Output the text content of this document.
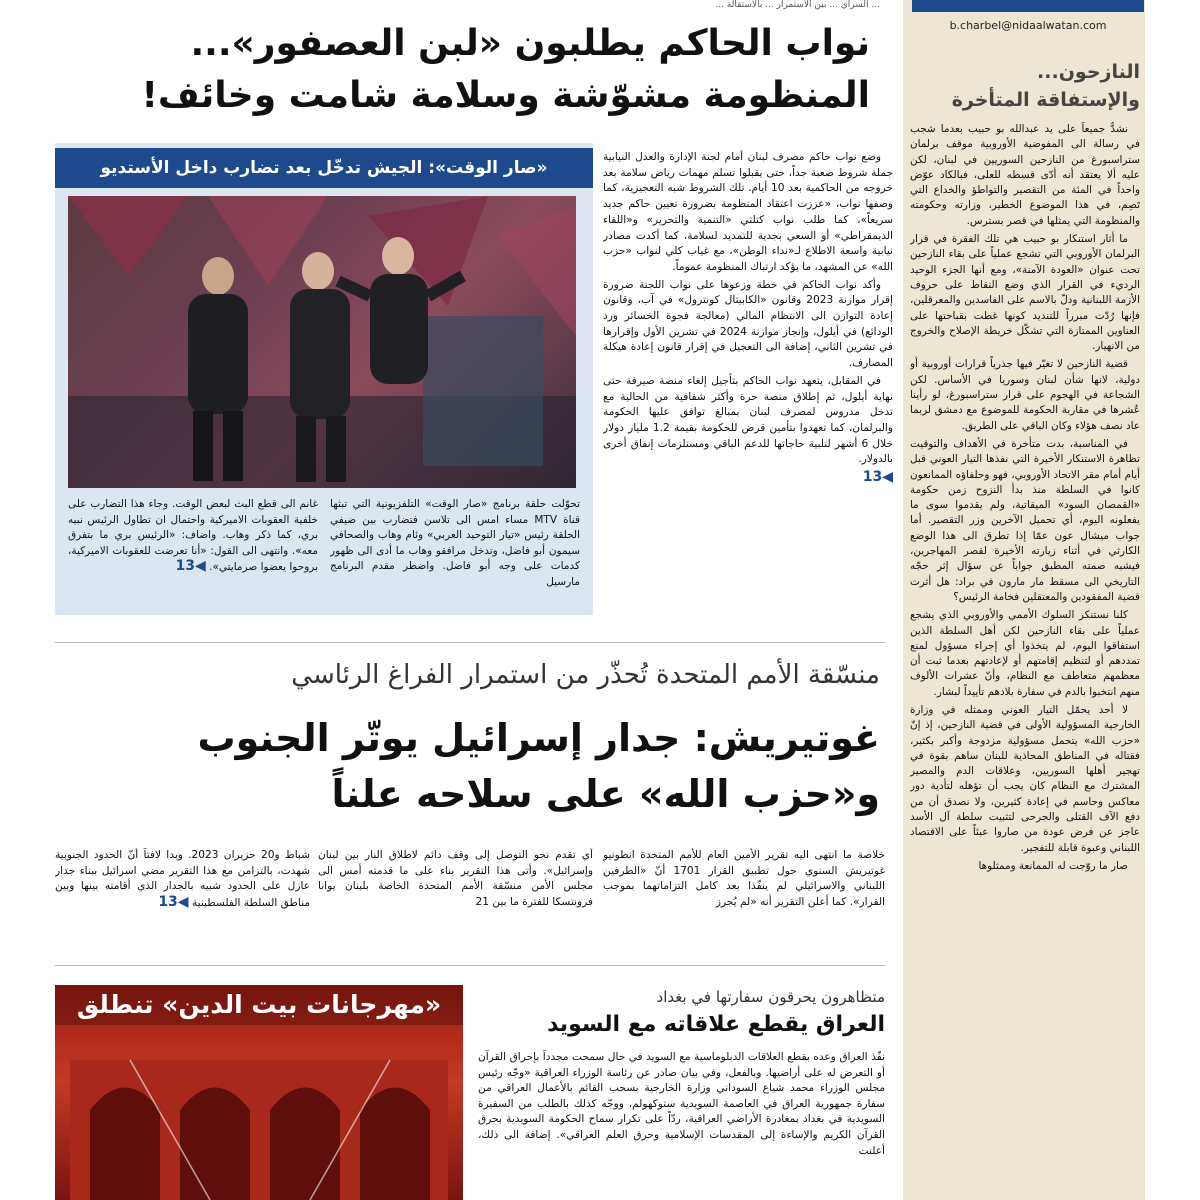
b.charbel@nidaalwatan.com
النازحون...
والإستفاقة المتأخرة

نشدُّ جميعاً على يد عبدالله بو حبيب بعدما شجب في رسالة الى المفوضية الأوروبية موقف برلمان ستراسبورغ من النازحين السوريين في لبنان، لكن عليه ألا يعتقد أنه أدّى قسطه للعلى، فبالكاد عوّض واحداً في المئة من التقصير والتواطؤ والخداع التي تَصِم، في هذا الموضوع الخطير، وزارته وحكومته والمنظومة التي يمثلها في قصر بسترس.

ما أثار استنكار بو حبيب هي تلك الفقرة في قرار البرلمان الأوروبي التي تشجع عملياً على بقاء النازحين تحت عنوان «العودة الآمنة»، ومع أنها الجزء الوحيد الرديء في القرار الذي وضع النقاط على حروف الأزمة اللبنانية ودلّ بالاسم على الفاسدين والمعرقلين، فإنها رُدّت مبرراً للتنديد كونها غطت بقباحتها على العناوين الممتازة التي تشكّل خريطة الإصلاح والخروج من الانهيار.

قضية النازحين لا تغيّر فيها جذرياً قرارات أوروبية أو دولية، لانها شأن لبنان وسوريا في الأساس. لكن الشجاعة في الهجوم على قرار ستراسبورغ، لو رأينا عُشرها في مقاربة الحكومة للموضوع مع دمشق لربما عاد نصف هؤلاء وكان الباقي على الطريق.

في المناسبة، بدت متأخرة في الأهداف والتوقيت تظاهرة الاستنكار الأخيرة التي نفذها التيار العوني قبل أيام أمام مقر الاتحاد الأوروبي، فهو وحلفاؤه الممانعون كانوا في السلطة منذ بدأ النزوح زمن حكومة «القمصان السود» الميقاتية، ولم يقدموا سوى ما يفعلونه اليوم، أي تحميل الآخرين وزر التقصير. أما جواب ميشال عون عمّا إذا تطرق الى هذا الوضع الكارثي في أثناء زيارته الأخيرة لقصر المهاجرين، فيشبه صمته المطبق جواباً عن سؤال إثر حجّه التاريخي الى مسقط مار مارون في براد: هل أثرت قضية المفقودين والمعتقلين فخامة الرئيس؟

كلنا نستنكر السلوك الأممي والأوروبي الذي يشجع عملياً على بقاء النازحين لكن أهل السلطة الذين استفاقوا اليوم، لم يتخذوا أي إجراء مسؤول لمنع تمددهم أو لتنظيم إقامتهم أو لإعادتهم بعدما ثبت أن معظمهم متعاطف مع النظام، وأنّ عشرات الألوف منهم انتخبوا بالدم في سفارة بلادهم تأييداً لبشار.

لا أحد يحمّل التيار العوني وممثله في وزارة الخارجية المسؤولية الأولى في قضية النازحين، إذ إنّ «حزب الله» يتحمل مسؤولية مزدوجة وأكبر بكثير، فقتاله في المناطق المحاذية للبنان ساهم بقوة في تهجير أهلها السوريين، وعلاقات الدم والمصير المشترك مع النظام كان يجب أن تؤهله لتأدية دور معاكس وحاسم في إعادة كثيرين، ولا نصدق أن من دفع الآف القتلى والجرحى لتثبيت سلطة آل الأسد عاجز عن فرض عودة من صاروا عبئاً على الاقتصاد اللبناني وعبوة قابلة للتفجير.

صار ما روّجت له الممانعة وممثلوها

... السراي ... بين الاستمرار ... بالاستقالة ...
نواب الحاكم يطلبون «لبن العصفور»...
المنظومة مشوّشة وسلامة شامت وخائف!

وضع نواب حاكم مصرف لبنان أمام لجنة الإدارة والعدل النيابية جملة شروط صعبة جداً، حتى يقبلوا تسلم مهمات رياض سلامة بعد خروجه من الحاكمية بعد 10 أيام. تلك الشروط شبه التعجيزية، كما وصفها نواب، «عززت اعتقاد المنظومة بضرورة تعيين حاكم جديد سريعاً»، كما طلب نواب كتلتي «التنمية والتحرير» و«اللقاء الديمقراطي» أو السعي بجدية للتمديد لسلامة، كما أكدت مصادر نيابية واسعة الاطلاع لـ«نداء الوطن»، مع غياب كلي لنواب «حزب الله» عن المشهد، ما يؤكد ارتباك المنظومة عموماً.

وأكد نواب الحاكم في خطة وزعوها على نواب اللجنة ضرورة إقرار موازنة 2023 وقانون «الكابيتال كونترول» في آب، وقانون إعادة التوازن الى الانتظام المالي (معالجة فجوة الخسائر ورد الودائع) في أيلول، وإنجاز موازنة 2024 في تشرين الأول وإقرارها في تشرين الثاني، إضافة الى التعجيل في إقرار قانون إعادة هيكلة المصارف.

في المقابل، يتعهد نواب الحاكم بتأجيل إلغاء منصة صيرفة حتى نهاية أيلول، ثم إطلاق منصة حرة وأكثر شفافية من الحالية مع تدخل مدروس لمصرف لبنان بمبالغ توافق عليها الحكومة والبرلمان، كما تعهدوا بتأمين قرض للحكومة بقيمة 1.2 مليار دولار خلال 6 أشهر لتلبية حاجاتها للدعم الباقي ومستلزمات إنفاق أخرى بالدولار.

◀13
«صار الوقت»: الجيش تدخّل بعد تضارب داخل الأستديو
تحوّلت حلقة برنامج «صار الوقت» التلفزيونية التي تبثها قناة MTV مساء امس الى تلاسن فتضارب بين ضيفي الحلقة رئيس «تيار التوحيد العربي» وئام وهاب والصحافي سيمون أبو فاضل، وتدخل مرافقو وهاب ما أدى الى ظهور كدمات على وجه أبو فاضل. واضطر مقدم البرنامج مارسيل
غانم الى قطع البث لبعض الوقت. وجاء هذا التضارب على خلفية العقوبات الاميركية واحتمال ان تطاول الرئيس نبيه بري، كما ذكر وهاب. واضاف: «الرئيس بري ما بتفرق معه». وانتهى الى القول: «أنا تعرضت للعقوبات الاميركية، بروحوا يعضوا صرمايتي». ◀13
منسّقة الأمم المتحدة تُحذّر من استمرار الفراغ الرئاسي
غوتيريش: جدار إسرائيل يوتّر الجنوب
و«حزب الله» على سلاحه علناً
خلاصة ما انتهى اليه تقرير الأمين العام للأمم المتحدة انطونيو غوتيريش السنوي حول تطبيق القرار 1701 أنّ «الطرفين اللبناني والاسرائيلي لم ينفّذا بعد كامل التزاماتهما بموجب القرار». كما أعلن التقرير أنه «لم يُحرز
أي تقدم نحو التوصل إلى وقف دائم لاطلاق النار بين لبنان وإسرائيل». وأتى هذا التقرير بناء على ما قدمته أمس الى مجلس الأمن منسّقة الأمم المتحدة الخاصة بلبنان يوانا فرونتسكا للفترة ما بين 21
شباط و20 حزيران 2023. وبدا لافتاً أنّ الحدود الجنوبية شهدت، بالتزامن مع هذا التقرير مضي اسرائيل ببناء جدار عازل على الحدود شبيه بالجدار الذي أقامته بينها وبين مناطق السلطة الفلسطينية ◀13
«مهرجانات بيت الدين» تنطلق	متظاهرون يحرقون سفارتها في بغداد
العراق يقطع علاقاته مع السويد
نفّذ العراق وعده بقطع العلاقات الدبلوماسية مع السويد في حال سمحت مجدداً بإحراق القرآن أو التعرض له على أراضيها. وبالفعل، وفي بيان صادر عن رئاسة الوزراء العراقية «وجّه رئيس مجلس الوزراء محمد شياع السوداني وزارة الخارجية بسحب القائم بالأعمال العراقي من سفارة جمهورية العراق في العاصمة السويدية ستوكهولم، ووجّه كذلك بالطلب من السفيرة السويدية في بغداد بمغادرة الأراضي العراقية، ردّاً على تكرار سماح الحكومة السويدية بحرق القرآن الكريم والإساءة إلى المقدسات الإسلامية وحرق العلم العراقي». إضافة الى ذلك، أعلنت
